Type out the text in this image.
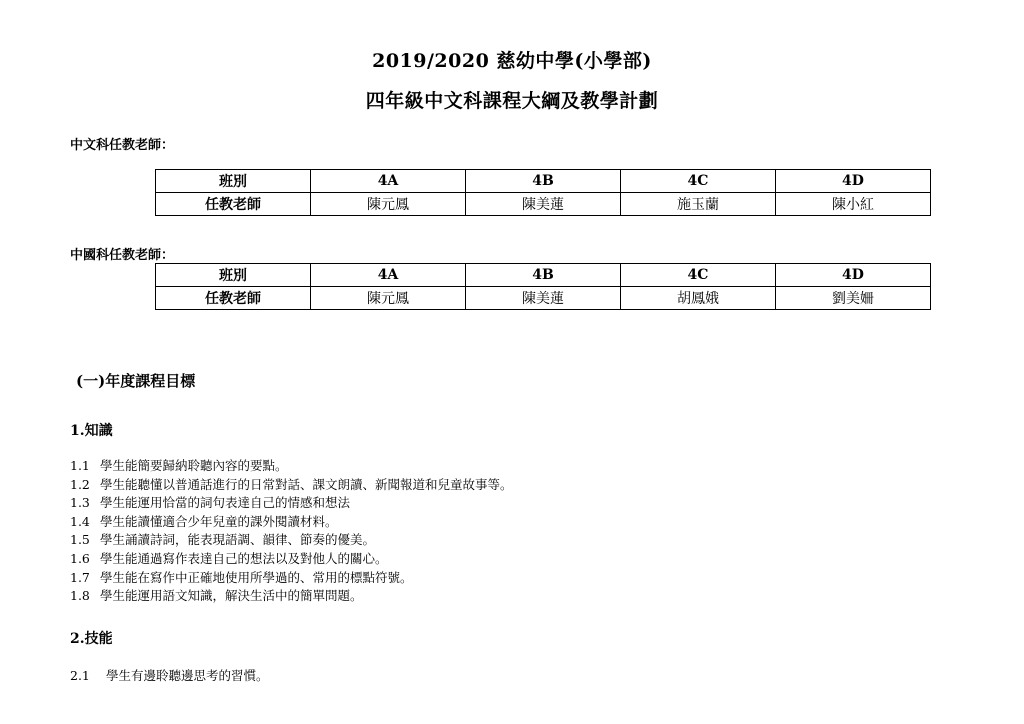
2019/2020 慈幼中學(小學部)
四年級中文科課程大綱及教學計劃
中文科任教老師：
班別	4A	4B	4C	4D
任教老師	陳元鳳	陳美蓮	施玉蘭	陳小紅
中國科任教老師：
班別	4A	4B	4C	4D
任教老師	陳元鳳	陳美蓮	胡鳳娥	劉美姍
(一)年度課程目標
1.知識
1.1 學生能簡要歸納聆聽內容的要點。
1.2 學生能聽懂以普通話進行的日常對話、課文朗讀、新聞報道和兒童故事等。
1.3 學生能運用恰當的詞句表達自己的情感和想法
1.4 學生能讀懂適合少年兒童的課外閱讀材料。
1.5 學生誦讀詩詞，能表現語調、韻律、節奏的優美。
1.6 學生能通過寫作表達自己的想法以及對他人的關心。
1.7 學生能在寫作中正確地使用所學過的、常用的標點符號。
1.8 學生能運用語文知識，解決生活中的簡單問題。
2.技能
2.1 學生有邊聆聽邊思考的習慣。
